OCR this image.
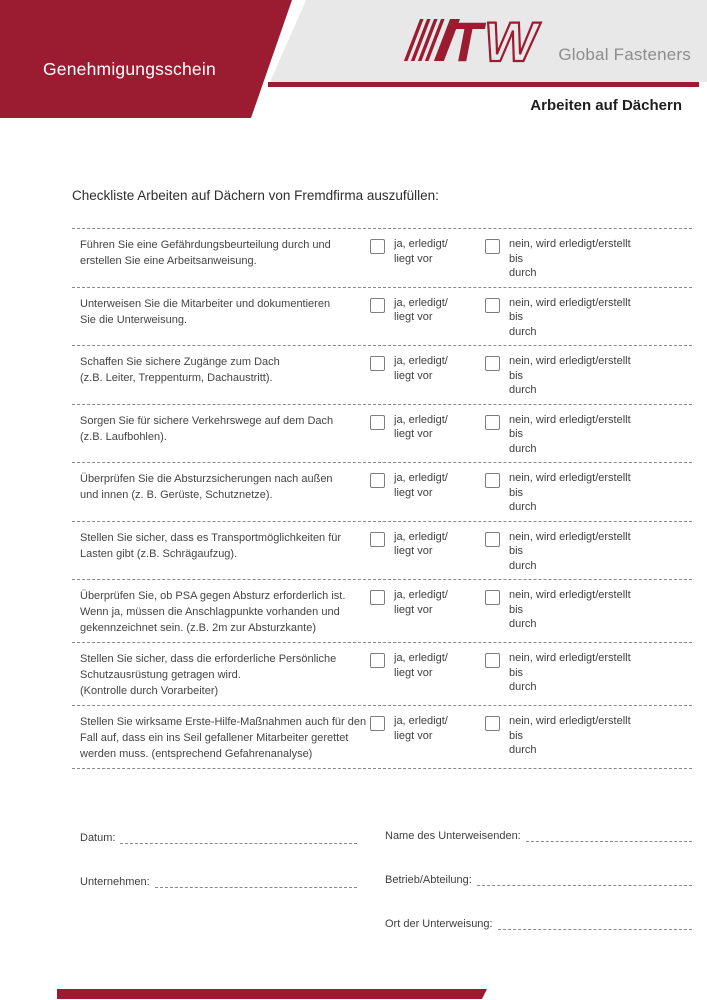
Genehmigungsschein	T W Global Fasteners
Arbeiten auf Dächern
Checkliste Arbeiten auf Dächern von Fremdfirma auszufüllen:
Führen Sie eine Gefährdungsbeurteilung durch und
erstellen Sie eine Arbeitsanweisung.
ja, erledigt/
liegt vor
nein, wird erledigt/erstellt
bis
durch
Unterweisen Sie die Mitarbeiter und dokumentieren
Sie die Unterweisung.
ja, erledigt/
liegt vor
nein, wird erledigt/erstellt
bis
durch
Schaffen Sie sichere Zugänge zum Dach
(z.B. Leiter, Treppenturm, Dachaustritt).
ja, erledigt/
liegt vor
nein, wird erledigt/erstellt
bis
durch
Sorgen Sie für sichere Verkehrswege auf dem Dach
(z.B. Laufbohlen).
ja, erledigt/
liegt vor
nein, wird erledigt/erstellt
bis
durch
Überprüfen Sie die Absturzsicherungen nach außen
und innen (z. B. Gerüste, Schutznetze).
ja, erledigt/
liegt vor
nein, wird erledigt/erstellt
bis
durch
Stellen Sie sicher, dass es Transportmöglichkeiten für
Lasten gibt (z.B. Schrägaufzug).
ja, erledigt/
liegt vor
nein, wird erledigt/erstellt
bis
durch
Überprüfen Sie, ob PSA gegen Absturz erforderlich ist.
Wenn ja, müssen die Anschlagpunkte vorhanden und
gekennzeichnet sein. (z.B. 2m zur Absturzkante)
ja, erledigt/
liegt vor
nein, wird erledigt/erstellt
bis
durch
Stellen Sie sicher, dass die erforderliche Persönliche
Schutzausrüstung getragen wird.
(Kontrolle durch Vorarbeiter)
ja, erledigt/
liegt vor
nein, wird erledigt/erstellt
bis
durch
Stellen Sie wirksame Erste-Hilfe-Maßnahmen auch für den
Fall auf, dass ein ins Seil gefallener Mitarbeiter gerettet
werden muss. (entsprechend Gefahrenanalyse)
ja, erledigt/
liegt vor
nein, wird erledigt/erstellt
bis
durch
Datum:
Unternehmen:
Name des Unterweisenden:
Betrieb/Abteilung:
Ort der Unterweisung:
